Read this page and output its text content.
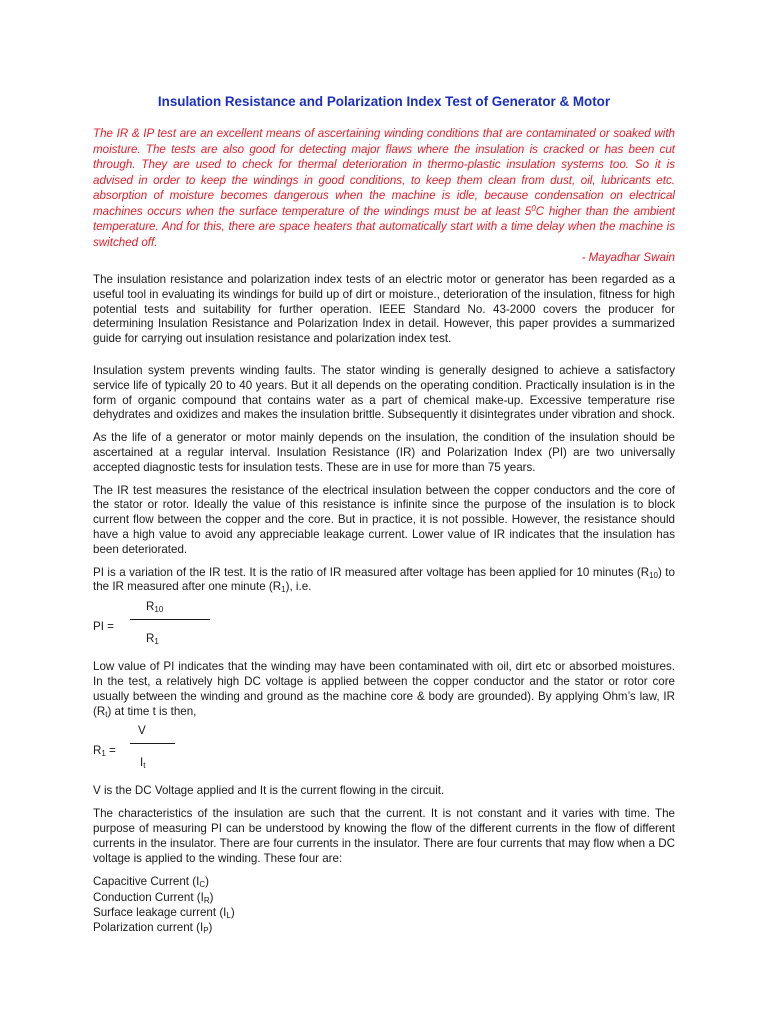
Insulation Resistance and Polarization Index Test of Generator & Motor

The IR & IP test are an excellent means of ascertaining winding conditions that are contaminated or soaked with moisture. The tests are also good for detecting major flaws where the insulation is cracked or has been cut through. They are used to check for thermal deterioration in thermo-plastic insulation systems too. So it is advised in order to keep the windings in good conditions, to keep them clean from dust, oil, lubricants etc. absorption of moisture becomes dangerous when the machine is idle, because condensation on electrical machines occurs when the surface temperature of the windings must be at least $5^0C$ higher than the ambient temperature. And for this, there are space heaters that automatically start with a time delay when the machine is switched off.

- Mayadhar Swain

The insulation resistance and polarization index tests of an electric motor or generator has been regarded as a useful tool in evaluating its windings for build up of dirt or moisture., deterioration of the insulation, fitness for high potential tests and suitability for further operation. IEEE Standard No. 43-2000 covers the producer for determining Insulation Resistance and Polarization Index in detail. However, this paper provides a summarized guide for carrying out insulation resistance and polarization index test.

Insulation system prevents winding faults. The stator winding is generally designed to achieve a satisfactory service life of typically 20 to 40 years. But it all depends on the operating condition. Practically insulation is in the form of organic compound that contains water as a part of chemical make-up. Excessive temperature rise dehydrates and oxidizes and makes the insulation brittle. Subsequently it disintegrates under vibration and shock.

As the life of a generator or motor mainly depends on the insulation, the condition of the insulation should be ascertained at a regular interval. Insulation Resistance (IR) and Polarization Index (PI) are two universally accepted diagnostic tests for insulation tests. These are in use for more than 75 years.

The IR test measures the resistance of the electrical insulation between the copper conductors and the core of the stator or rotor. Ideally the value of this resistance is infinite since the purpose of the insulation is to block current flow between the copper and the core. But in practice, it is not possible. However, the resistance should have a high value to avoid any appreciable leakage current. Lower value of IR indicates that the insulation has been deteriorated.

PI is a variation of the IR test. It is the ratio of IR measured after voltage has been applied for 10 minutes $(R_{10})$ to the IR measured after one minute $(R_1)$, i.e.

PI =
$R_{10}$
$R_1$

Low value of PI indicates that the winding may have been contaminated with oil, dirt etc or absorbed moistures. In the test, a relatively high DC voltage is applied between the copper conductor and the stator or rotor core usually between the winding and ground as the machine core & body are grounded). By applying Ohm’s law, IR $(R_t)$ at time t is then,

$R_1$ =
V
$I_t$

V is the DC Voltage applied and It is the current flowing in the circuit.

The characteristics of the insulation are such that the current. It is not constant and it varies with time. The purpose of measuring PI can be understood by knowing the flow of the different currents in the flow of different currents in the insulator. There are four currents in the insulator. There are four currents that may flow when a DC voltage is applied to the winding. These four are:

Capacitive Current $(I_C)$
Conduction Current $(I_R)$
Surface leakage current $(I_L)$
Polarization current $(I_P)$
